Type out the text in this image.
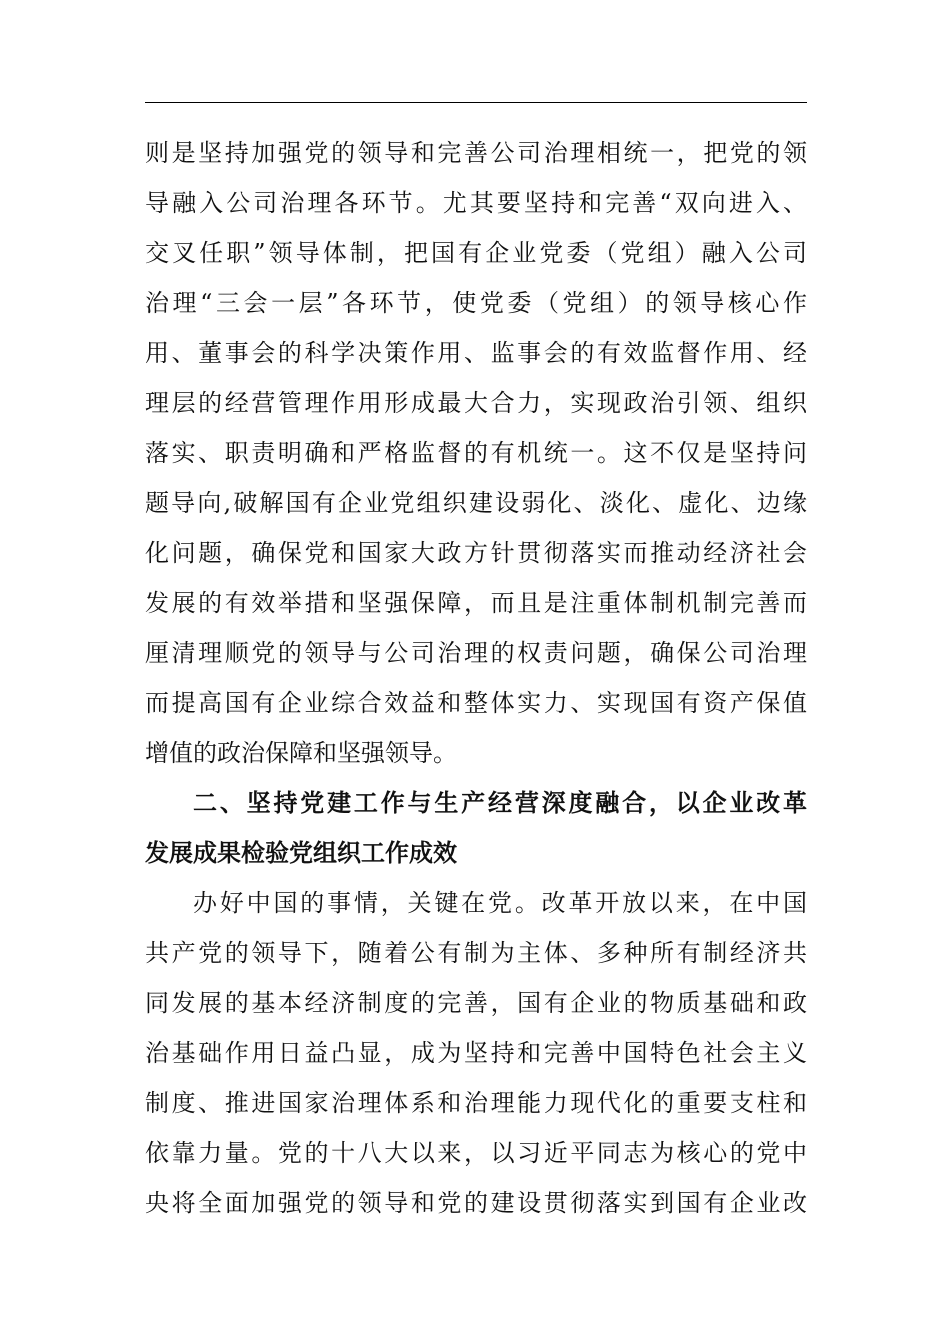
则是坚持加强党的领导和完善公司治理相统一，把党的领
导融入公司治理各环节。尤其要坚持和完善“双向进入、
交叉任职”领导体制，把国有企业党委（党组）融入公司
治理“三会一层”各环节，使党委（党组）的领导核心作
用、董事会的科学决策作用、监事会的有效监督作用、经
理层的经营管理作用形成最大合力，实现政治引领、组织
落实、职责明确和严格监督的有机统一。这不仅是坚持问
题导向,破解国有企业党组织建设弱化、淡化、虚化、边缘
化问题，确保党和国家大政方针贯彻落实而推动经济社会
发展的有效举措和坚强保障，而且是注重体制机制完善而
厘清理顺党的领导与公司治理的权责问题，确保公司治理
而提高国有企业综合效益和整体实力、实现国有资产保值
增值的政治保障和坚强领导。
二、坚持党建工作与生产经营深度融合，以企业改革
发展成果检验党组织工作成效
办好中国的事情，关键在党。改革开放以来，在中国
共产党的领导下，随着公有制为主体、多种所有制经济共
同发展的基本经济制度的完善，国有企业的物质基础和政
治基础作用日益凸显，成为坚持和完善中国特色社会主义
制度、推进国家治理体系和治理能力现代化的重要支柱和
依靠力量。党的十八大以来，以习近平同志为核心的党中
央将全面加强党的领导和党的建设贯彻落实到国有企业改
